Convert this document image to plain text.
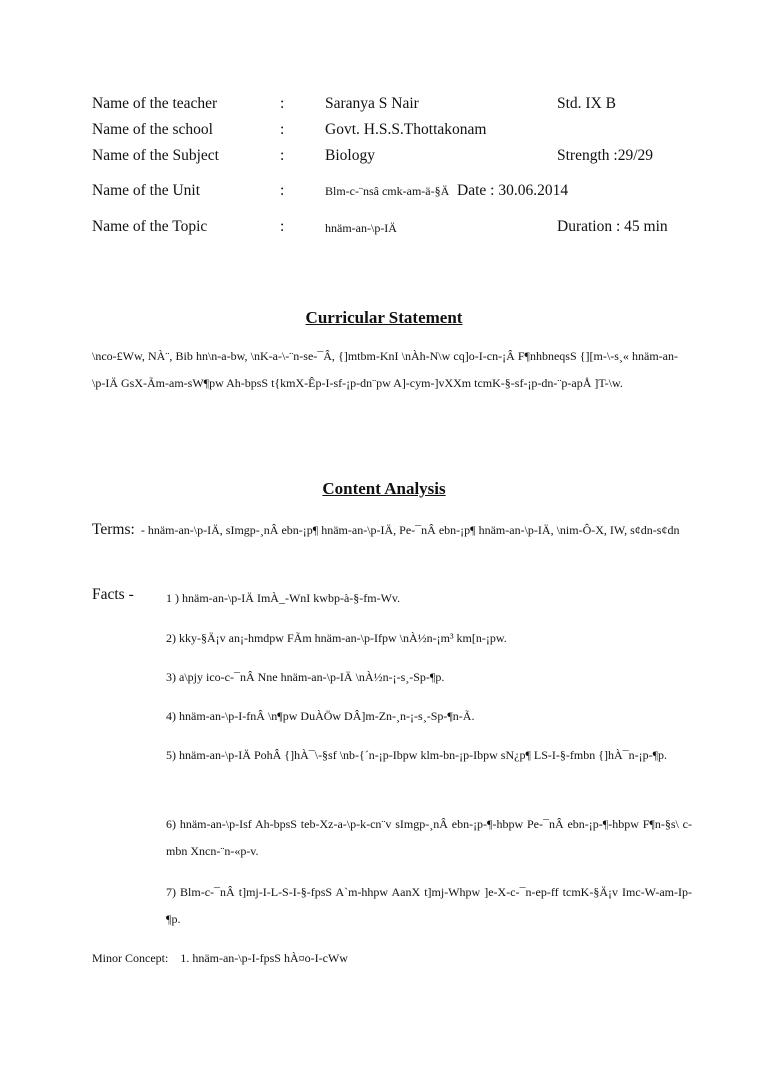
Name of the teacher	:	Saranya S Nair	Std. IX B
Name of the school	:	Govt. H.S.S.Thottakonam
Name of the Subject	:	Biology	Strength :29/29
Name of the Unit	:	Blm-c-¨nsâ cmk-am-ä-§Ä Date : 30.06.2014
Name of the Topic	:	hnäm-an-\p-IÄ	Duration : 45 min
Curricular Statement
\nco-£Ww, NÀ¨, Bib hn\n-a-bw, \nK-a-\-¨n-se-¯Â, {]mtbm-KnI \nÀh-N\w cq]o-I-cn-¡Â F¶nhbneqsS {][m-\-s¸« hnäm-an-\p-IÄ GsX-Ãm-am-sW¶pw Ah-bpsS t{kmX-Êp-I-sf-¡p-dn¨pw A]-cym-]vXXm tcmK-§-sf-¡p-dn-¨p-apÅ ]T-\w.
Content Analysis
Terms: - hnäm-an-\p-IÄ, sImgp-¸nÂ ebn-¡p¶ hnäm-an-\p-IÄ, Pe-¯nÂ ebn-¡p¶ hnäm-an-\p-IÄ, \nim-Ô-X, IW, s¢dn-s¢dn
Facts -	1 ) hnäm-an-\p-IÄ ImÀ_-WnI kwbp-à-§-fm-Wv.
2) kky-§Ä¡v an¡-hmdpw FÃm hnäm-an-\p-Ifpw \nÀ½n-¡m³ km[n-¡pw.
3) a\pjy ico-c-¯nÂ Nne hnäm-an-\p-IÄ \nÀ½n-¡-s¸-Sp-¶p.
4) hnäm-an-\p-I-fnÂ \n¶pw DuÀÖw DÂ]m-Zn-¸n-¡-s¸-Sp-¶n-Ã.
5) hnäm-an-\p-IÄ PohÂ {]hÀ¯\-§sf \nb-{´n-¡p-Ibpw klm-bn-¡p-Ibpw sN¿p¶ LS-I-§-fmbn {]hÀ¯n-¡p-¶p.
6) hnäm-an-\p-Isf Ah-bpsS teb-Xz-a-\p-k-cn¨v sImgp-¸nÂ ebn-¡p-¶-hbpw Pe-¯nÂ ebn-¡p-¶-hbpw F¶n-§s\ c-mbn Xncn-¨n-«p-v.
7) Blm-c-¯nÂ t]mj-I-L-S-I-§-fpsS A`m-hhpw AanX t]mj-Whpw ]e-X-c-¯n-ep-ff tcmK-§Ä¡v Imc-W-am-Ip-¶p.
Minor Concept: 1. hnäm-an-\p-I-fpsS hÀ¤o-I-cWw
